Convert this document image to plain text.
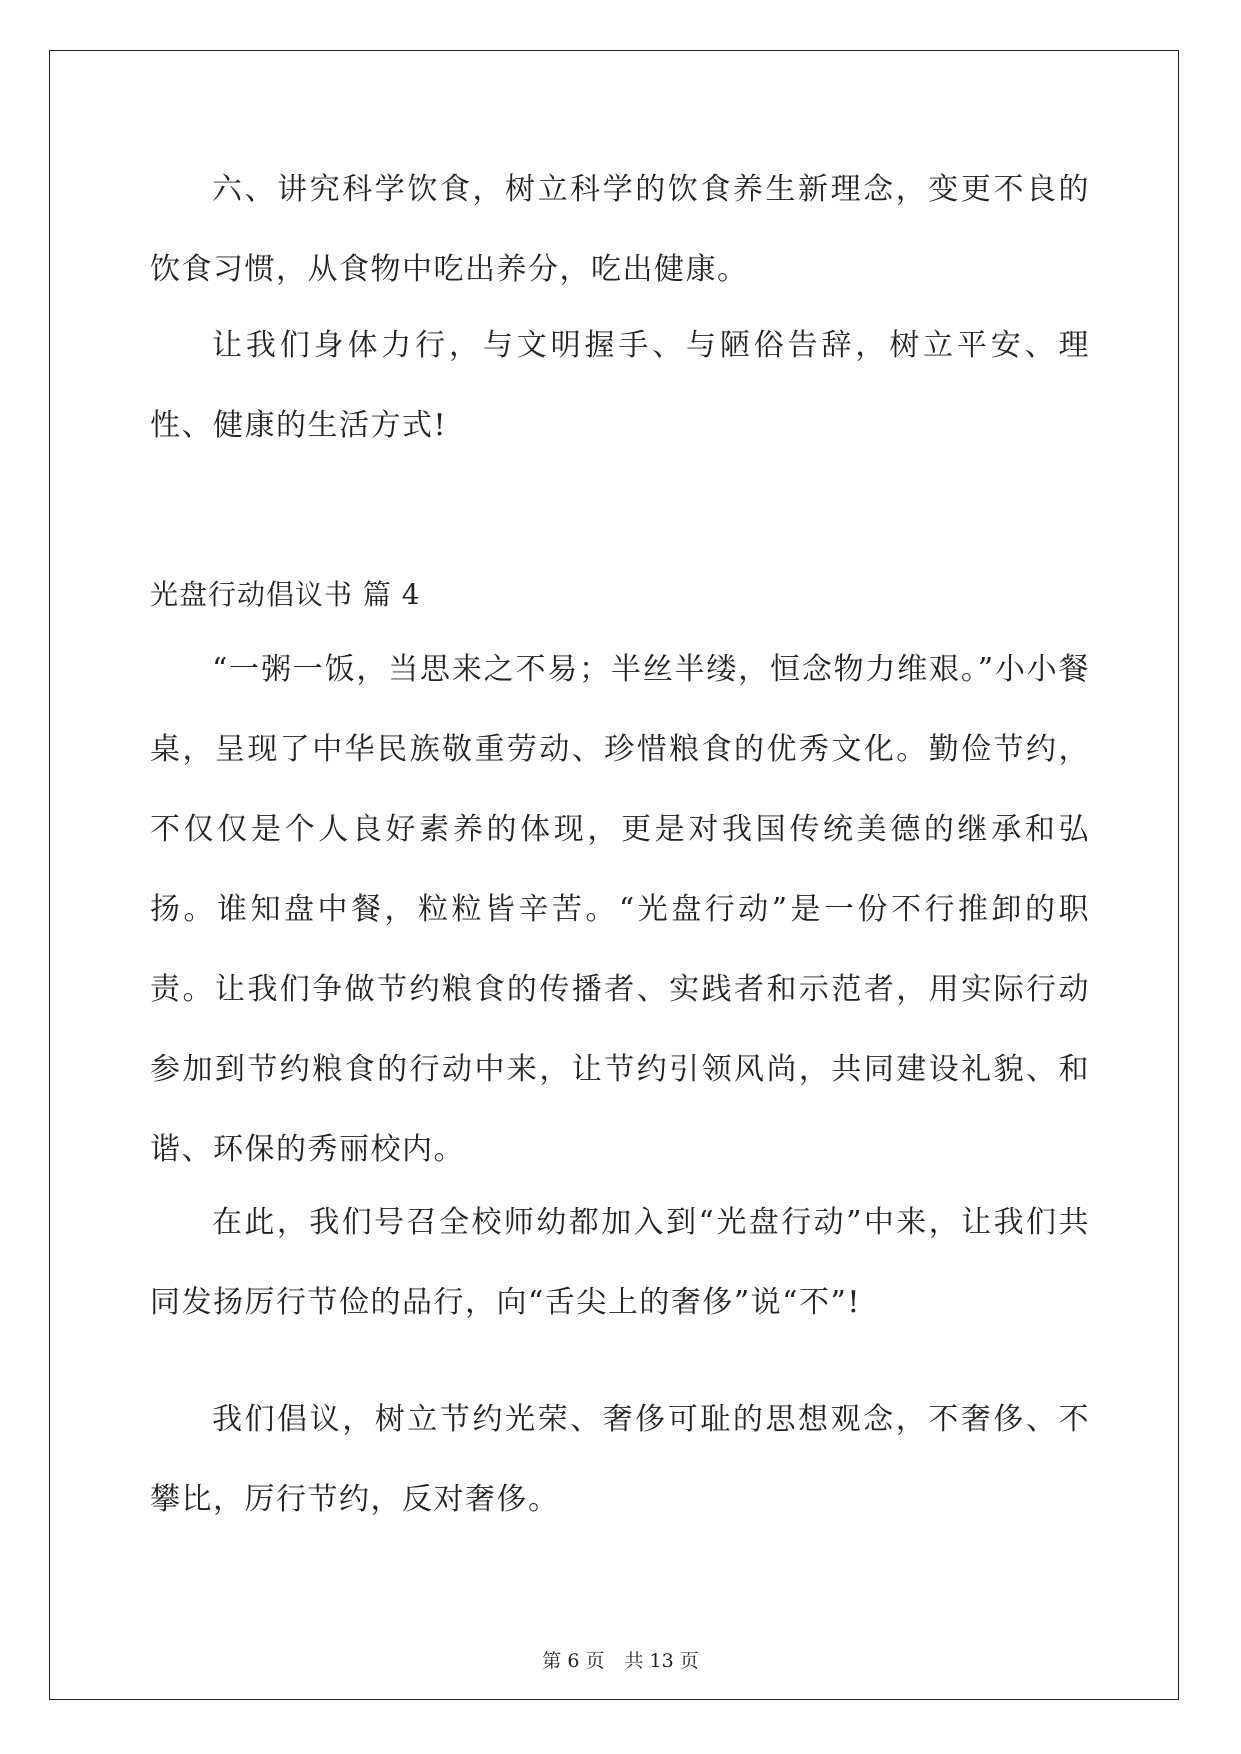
六、讲究科学饮食，树立科学的饮食养生新理念，变更不良的饮食习惯，从食物中吃出养分，吃出健康。

让我们身体力行，与文明握手、与陋俗告辞，树立平安、理性、健康的生活方式!

光盘行动倡议书 篇 4

“一粥一饭，当思来之不易；半丝半缕，恒念物力维艰。”小小餐桌，呈现了中华民族敬重劳动、珍惜粮食的优秀文化。勤俭节约，不仅仅是个人良好素养的体现，更是对我国传统美德的继承和弘扬。谁知盘中餐，粒粒皆辛苦。“光盘行动”是一份不行推卸的职责。让我们争做节约粮食的传播者、实践者和示范者，用实际行动参加到节约粮食的行动中来，让节约引领风尚，共同建设礼貌、和谐、环保的秀丽校内。

在此，我们号召全校师幼都加入到“光盘行动”中来，让我们共同发扬厉行节俭的品行，向“舌尖上的奢侈”说“不”!

我们倡议，树立节约光荣、奢侈可耻的思想观念，不奢侈、不攀比，厉行节约，反对奢侈。

第 6 页 共 13 页
